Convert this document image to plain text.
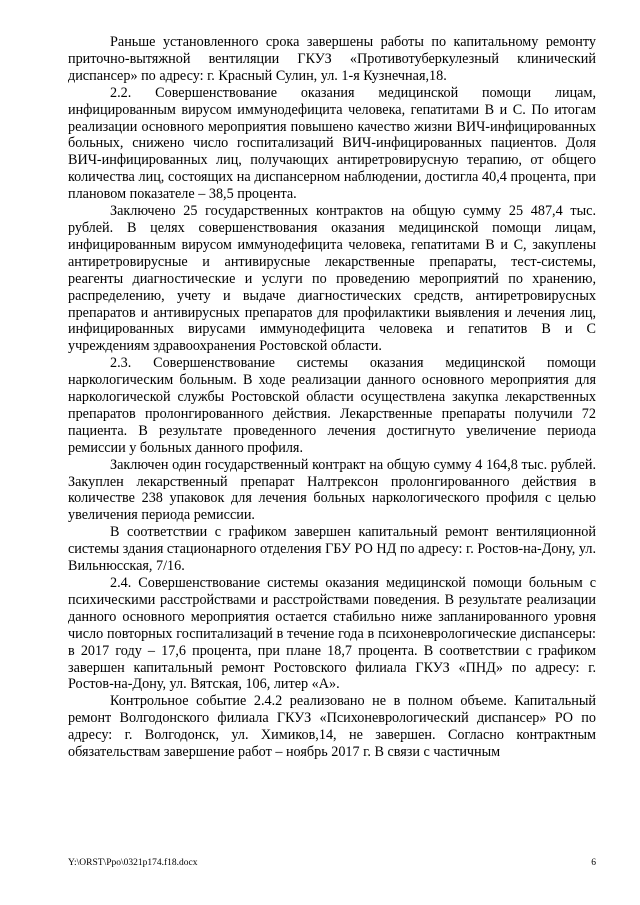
Раньше установленного срока завершены работы по капитальному ремонту приточно-вытяжной вентиляции ГКУЗ «Противотуберкулезный клинический диспансер» по адресу: г. Красный Сулин, ул. 1-я Кузнечная,18.

2.2. Совершенствование оказания медицинской помощи лицам, инфицированным вирусом иммунодефицита человека, гепатитами B и C. По итогам реализации основного мероприятия повышено качество жизни ВИЧ-инфицированных больных, снижено число госпитализаций ВИЧ-инфицированных пациентов. Доля ВИЧ-инфицированных лиц, получающих антиретровирусную терапию, от общего количества лиц, состоящих на диспансерном наблюдении, достигла 40,4 процента, при плановом показателе – 38,5 процента.

Заключено 25 государственных контрактов на общую сумму 25 487,4 тыс. рублей. В целях совершенствования оказания медицинской помощи лицам, инфицированным вирусом иммунодефицита человека, гепатитами B и C, закуплены антиретровирусные и антивирусные лекарственные препараты, тест-системы, реагенты диагностические и услуги по проведению мероприятий по хранению, распределению, учету и выдаче диагностических средств, антиретровирусных препаратов и антивирусных препаратов для профилактики выявления и лечения лиц, инфицированных вирусами иммунодефицита человека и гепатитов B и C учреждениям здравоохранения Ростовской области.

2.3. Совершенствование системы оказания медицинской помощи наркологическим больным. В ходе реализации данного основного мероприятия для наркологической службы Ростовской области осуществлена закупка лекарственных препаратов пролонгированного действия. Лекарственные препараты получили 72 пациента. В результате проведенного лечения достигнуто увеличение периода ремиссии у больных данного профиля.

Заключен один государственный контракт на общую сумму 4 164,8 тыс. рублей. Закуплен лекарственный препарат Налтрексон пролонгированного действия в количестве 238 упаковок для лечения больных наркологического профиля с целью увеличения периода ремиссии.

В соответствии с графиком завершен капитальный ремонт вентиляционной системы здания стационарного отделения ГБУ РО НД по адресу: г. Ростов-на-Дону, ул. Вильнюсская, 7/16.

2.4. Совершенствование системы оказания медицинской помощи больным с психическими расстройствами и расстройствами поведения. В результате реализации данного основного мероприятия остается стабильно ниже запланированного уровня число повторных госпитализаций в течение года в психоневрологические диспансеры: в 2017 году – 17,6 процента, при плане 18,7 процента. В соответствии с графиком завершен капитальный ремонт Ростовского филиала ГКУЗ «ПНД» по адресу: г. Ростов-на-Дону, ул. Вятская, 106, литер «А».

Контрольное событие 2.4.2 реализовано не в полном объеме. Капитальный ремонт Волгодонского филиала ГКУЗ «Психоневрологический диспансер» РО по адресу: г. Волгодонск, ул. Химиков,14, не завершен. Согласно контрактным обязательствам завершение работ – ноябрь 2017 г. В связи с частичным

Y:\ORST\Ppo\0321p174.f18.docx	6
